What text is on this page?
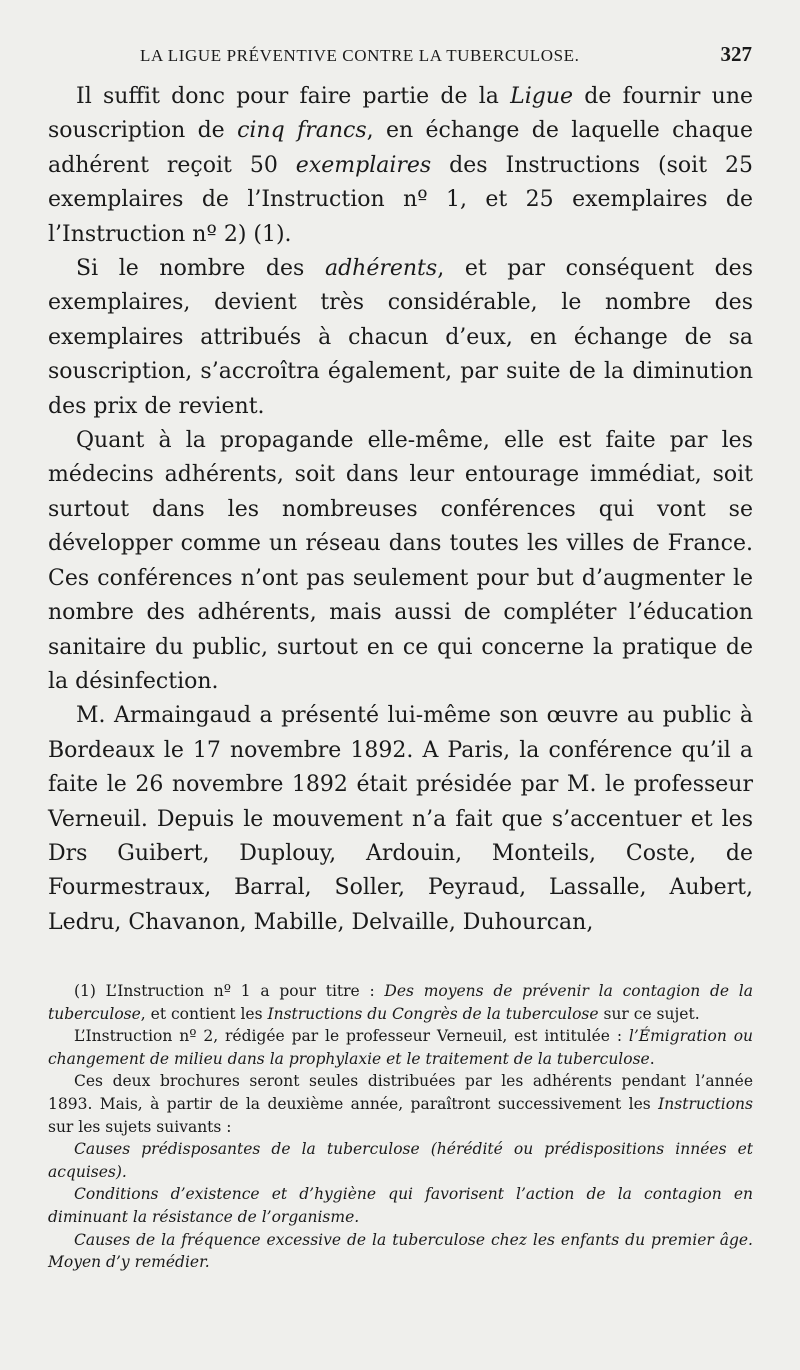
LA LIGUE PRÉVENTIVE CONTRE LA TUBERCULOSE.	327

Il suffit donc pour faire partie de la Ligue de fournir une souscription de cinq francs, en échange de laquelle chaque adhérent reçoit 50 exemplaires des Instructions (soit 25 exemplaires de l’Instruction nº 1, et 25 exemplaires de l’Instruction nº 2) (1).

Si le nombre des adhérents, et par conséquent des exemplaires, devient très considérable, le nombre des exemplaires attribués à chacun d’eux, en échange de sa souscription, s’accroîtra également, par suite de la diminution des prix de revient.

Quant à la propagande elle-même, elle est faite par les médecins adhérents, soit dans leur entourage immédiat, soit surtout dans les nombreuses conférences qui vont se développer comme un réseau dans toutes les villes de France. Ces conférences n’ont pas seulement pour but d’augmenter le nombre des adhérents, mais aussi de compléter l’éducation sanitaire du public, surtout en ce qui concerne la pratique de la désinfection.

M. Armaingaud a présenté lui-même son œuvre au public à Bordeaux le 17 novembre 1892. A Paris, la conférence qu’il a faite le 26 novembre 1892 était présidée par M. le professeur Verneuil. Depuis le mouvement n’a fait que s’accentuer et les Drs Guibert, Duplouy, Ardouin, Monteils, Coste, de Fourmestraux, Barral, Soller, Peyraud, Lassalle, Aubert, Ledru, Chavanon, Mabille, Delvaille, Duhourcan,

(1) L’Instruction nº 1 a pour titre : Des moyens de prévenir la contagion de la tuberculose, et contient les Instructions du Congrès de la tuberculose sur ce sujet.

L’Instruction nº 2, rédigée par le professeur Verneuil, est intitulée : l’Émigration ou changement de milieu dans la prophylaxie et le traitement de la tuberculose.

Ces deux brochures seront seules distribuées par les adhérents pendant l’année 1893. Mais, à partir de la deuxième année, paraîtront successivement les Instructions sur les sujets suivants :

Causes prédisposantes de la tuberculose (hérédité ou prédispositions innées et acquises).

Conditions d’existence et d’hygiène qui favorisent l’action de la contagion en diminuant la résistance de l’organisme.

Causes de la fréquence excessive de la tuberculose chez les enfants du premier âge. Moyen d’y remédier.
